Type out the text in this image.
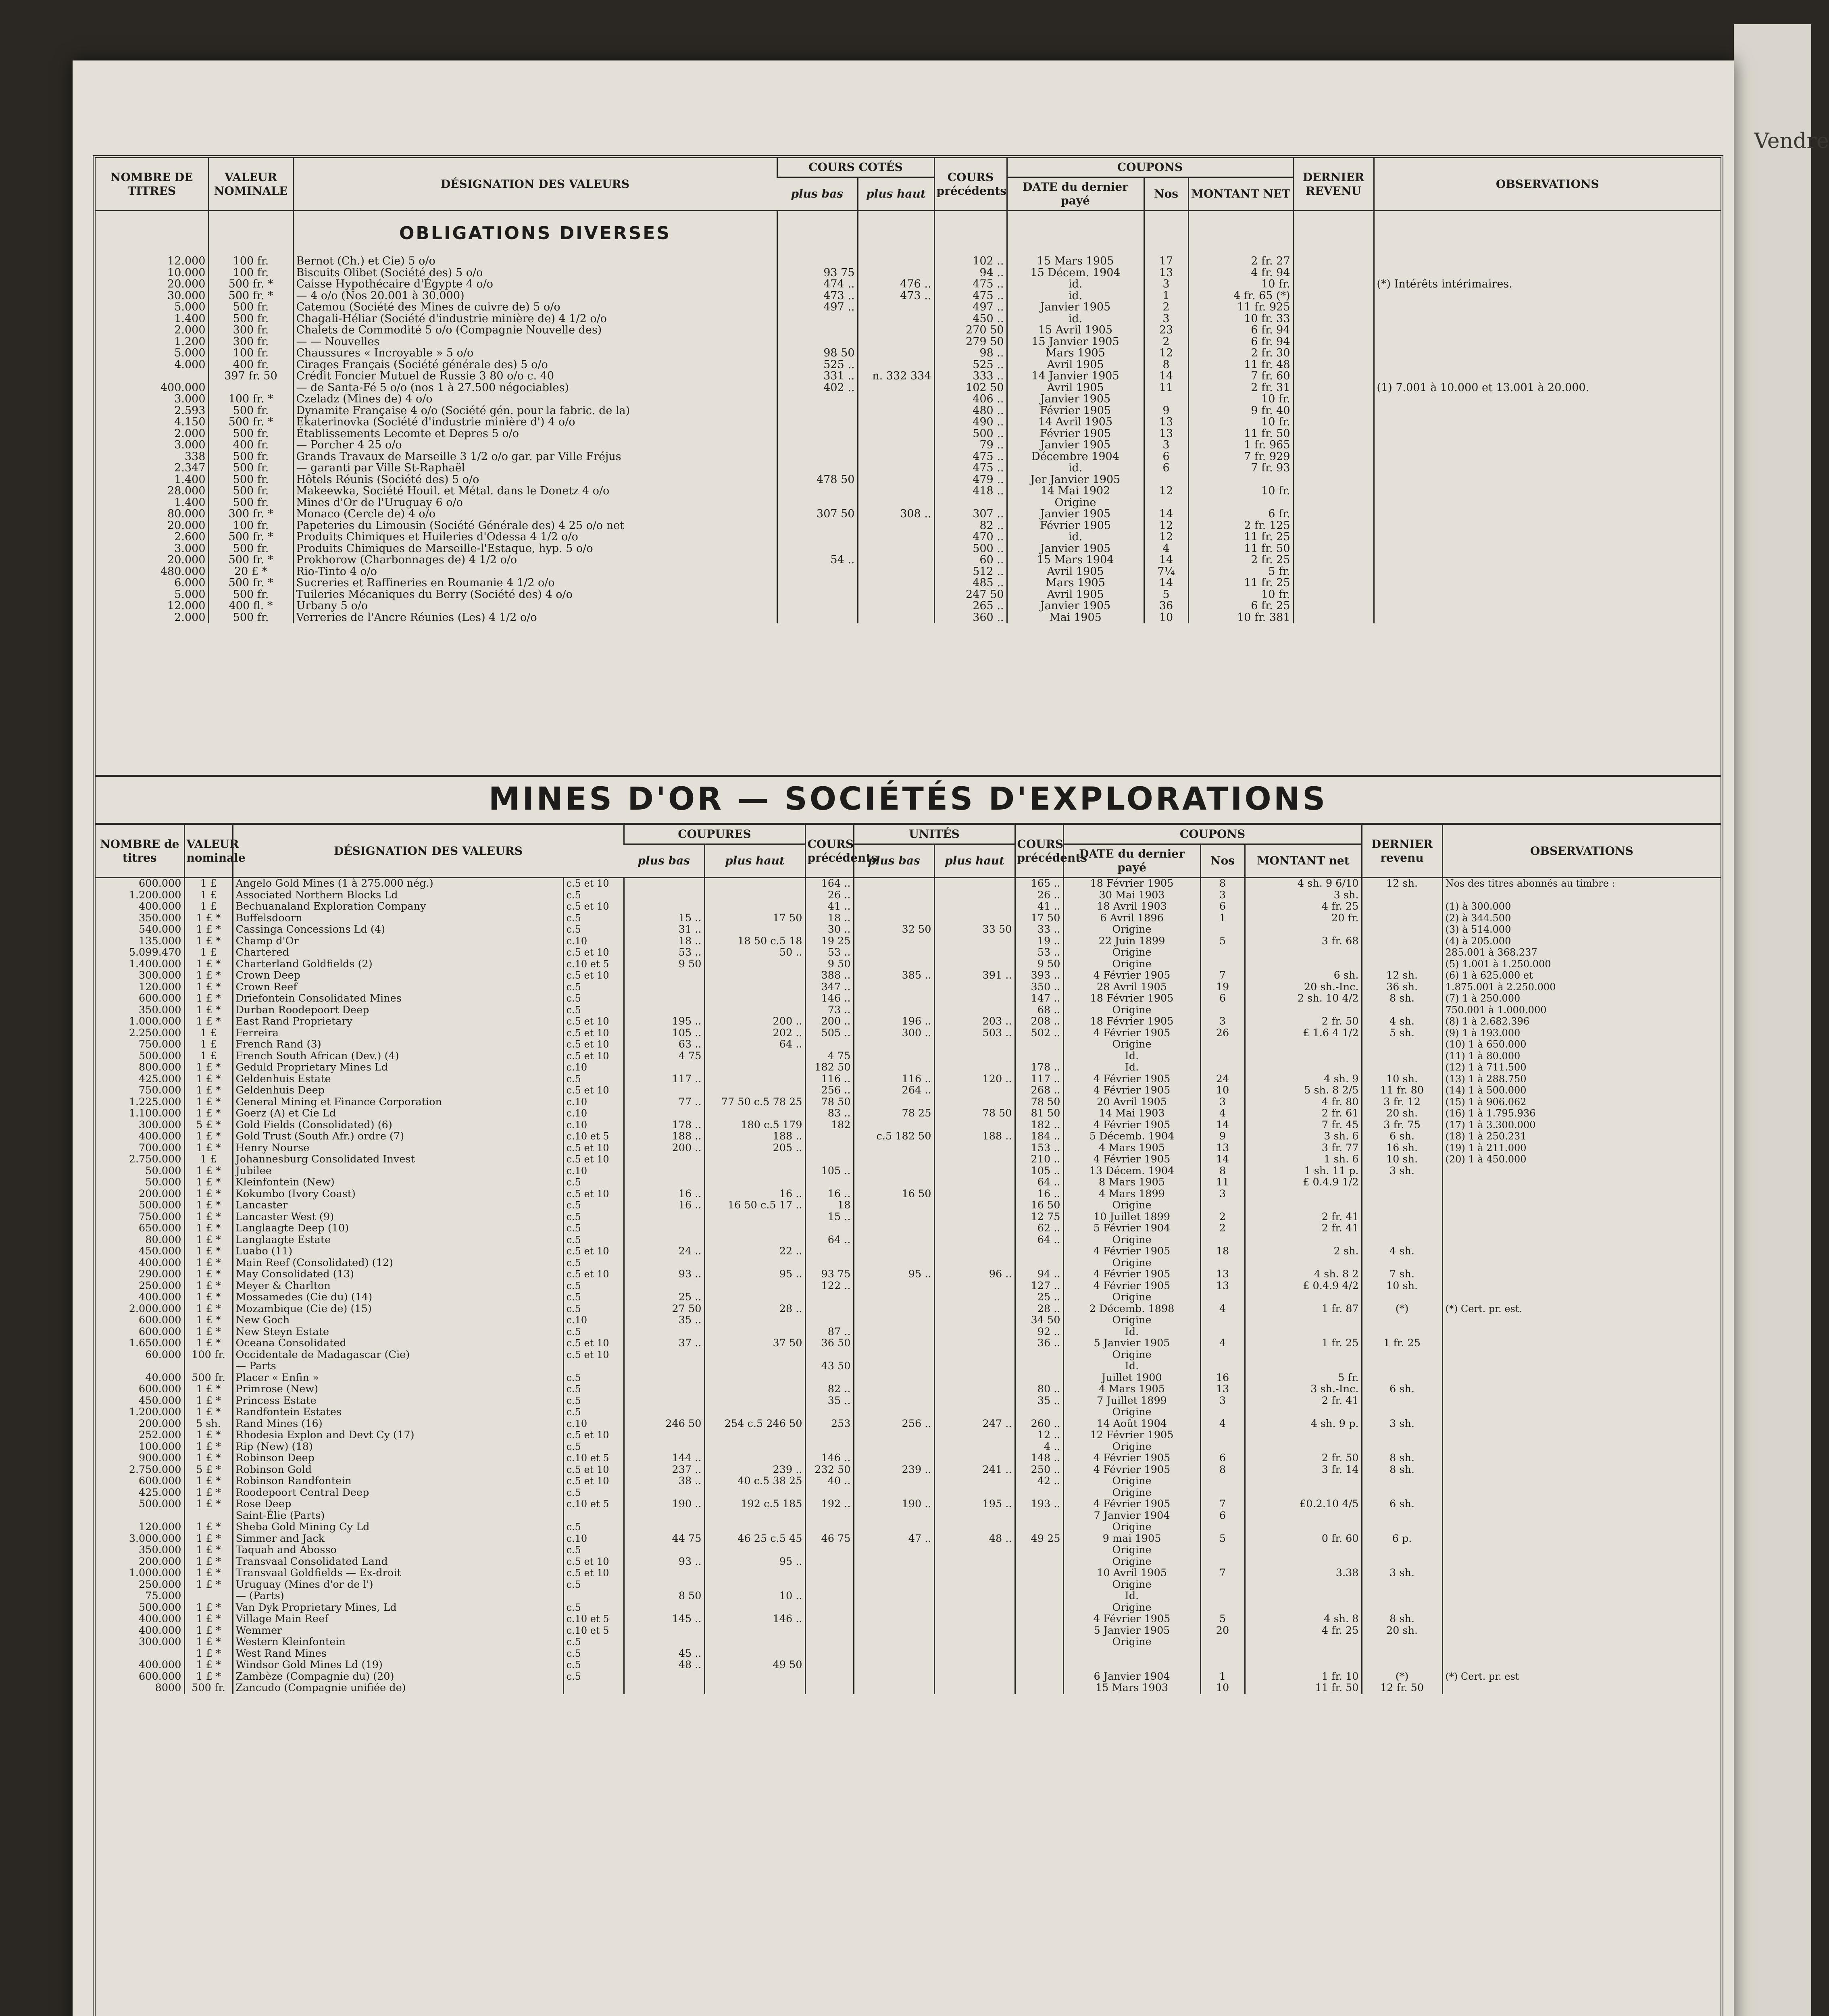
Vendre
NOMBRE DE TITRES	VALEUR NOMINALE	DÉSIGNATION DES VALEURS	COURS COTÉS		COURS précédents	COUPONS			DERNIER REVENU	OBSERVATIONS
			plus bas	plus haut		DATE du dernier payé	Nos	MONTANT NET		
		OBLIGATIONS DIVERSES								
12.000	100 fr.	Bernot (Ch.) et Cie) 5 o/o			102 ..	15 Mars 1905	17	2 fr. 27		
10.000	100 fr.	Biscuits Olibet (Société des) 5 o/o	93 75		94 ..	15 Décem. 1904	13	4 fr. 94		
20.000	500 fr. *	Caisse Hypothécaire d'Égypte 4 o/o	474 ..	476 ..	475 ..	id.	3	10 fr.		(*) Intérêts intérimaires.
30.000	500 fr. *	— 4 o/o (Nos 20.001 à 30.000)	473 ..	473 ..	475 ..	id.	1	4 fr. 65 (*)		
5.000	500 fr.	Catemou (Société des Mines de cuivre de) 5 o/o	497 ..		497 ..	Janvier 1905	2	11 fr. 925		
1.400	500 fr.	Chagali-Héliar (Société d'industrie minière de) 4 1/2 o/o			450 ..	id.	3	10 fr. 33		
2.000	300 fr.	Chalets de Commodité 5 o/o (Compagnie Nouvelle des)			270 50	15 Avril 1905	23	6 fr. 94		
1.200	300 fr.	— — Nouvelles			279 50	15 Janvier 1905	2	6 fr. 94		
5.000	100 fr.	Chaussures « Incroyable » 5 o/o	98 50		98 ..	Mars 1905	12	2 fr. 30		
4.000	400 fr.	Cirages Français (Société générale des) 5 o/o	525 ..		525 ..	Avril 1905	8	11 fr. 48		
	397 fr. 50	Crédit Foncier Mutuel de Russie 3 80 o/o c. 40	331 ..	n. 332 334	333 ..	14 Janvier 1905	14	7 fr. 60		
400.000		— de Santa-Fé 5 o/o (nos 1 à 27.500 négociables)	402 ..		102 50	Avril 1905	11	2 fr. 31		(1) 7.001 à 10.000 et 13.001 à 20.000.
3.000	100 fr. *	Czeladz (Mines de) 4 o/o			406 ..	Janvier 1905		10 fr.		
2.593	500 fr.	Dynamite Française 4 o/o (Société gén. pour la fabric. de la)			480 ..	Février 1905	9	9 fr. 40		
4.150	500 fr. *	Ekaterinovka (Société d'industrie minière d') 4 o/o			490 ..	14 Avril 1905	13	10 fr.		
2.000	500 fr.	Établissements Lecomte et Depres 5 o/o			500 ..	Février 1905	13	11 fr. 50		
3.000	400 fr.	— Porcher 4 25 o/o			79 ..	Janvier 1905	3	1 fr. 965		
338	500 fr.	Grands Travaux de Marseille 3 1/2 o/o gar. par Ville Fréjus			475 ..	Décembre 1904	6	7 fr. 929		
2.347	500 fr.	— garanti par Ville St-Raphaël			475 ..	id.	6	7 fr. 93		
1.400	500 fr.	Hôtels Réunis (Société des) 5 o/o	478 50		479 ..	Jer Janvier 1905				
28.000	500 fr.	Makeewka, Société Houil. et Métal. dans le Donetz 4 o/o			418 ..	14 Mai 1902	12	10 fr.		
1.400	500 fr.	Mines d'Or de l'Uruguay 6 o/o				Origine				
80.000	300 fr. *	Monaco (Cercle de) 4 o/o	307 50	308 ..	307 ..	Janvier 1905	14	6 fr.		
20.000	100 fr.	Papeteries du Limousin (Société Générale des) 4 25 o/o net			82 ..	Février 1905	12	2 fr. 125		
2.600	500 fr. *	Produits Chimiques et Huileries d'Odessa 4 1/2 o/o			470 ..	id.	12	11 fr. 25		
3.000	500 fr.	Produits Chimiques de Marseille-l'Estaque, hyp. 5 o/o			500 ..	Janvier 1905	4	11 fr. 50		
20.000	500 fr. *	Prokhorow (Charbonnages de) 4 1/2 o/o	54 ..		60 ..	15 Mars 1904	14	2 fr. 25		
480.000	20 £ *	Rio-Tinto 4 o/o			512 ..	Avril 1905	7¼	5 fr.		
6.000	500 fr. *	Sucreries et Raffineries en Roumanie 4 1/2 o/o			485 ..	Mars 1905	14	11 fr. 25		
5.000	500 fr.	Tuileries Mécaniques du Berry (Société des) 4 o/o			247 50	Avril 1905	5	10 fr.		
12.000	400 fl. *	Urbany 5 o/o			265 ..	Janvier 1905	36	6 fr. 25		
2.000	500 fr.	Verreries de l'Ancre Réunies (Les) 4 1/2 o/o			360 ..	Mai 1905	10	10 fr. 381		
MINES D'OR — SOCIÉTÉS D'EXPLORATIONS
NOMBRE de titres	VALEUR nominale	DÉSIGNATION DES VALEURS		COUPURES		COURS précédents	UNITÉS		COURS précédents	COUPONS			DERNIER revenu	OBSERVATIONS
				plus bas	plus haut		plus bas	plus haut		DATE du dernier payé	Nos	MONTANT net		
600.000	1 £	Angelo Gold Mines (1 à 275.000 nég.)	c.5 et 10			164 ..			165 ..	18 Février 1905	8	4 sh. 9 6/10	12 sh.	Nos des titres abonnés au timbre :
1.200.000	1 £	Associated Northern Blocks Ld	c.5			26 ..			26 ..	30 Mai 1903	3	3 sh.		
400.000	1 £	Bechuanaland Exploration Company	c.5 et 10			41 ..			41 ..	18 Avril 1903	6	4 fr. 25		(1) à 300.000
350.000	1 £ *	Buffelsdoorn	c.5	15 ..	17 50	18 ..			17 50	6 Avril 1896	1	20 fr.		(2) à 344.500
540.000	1 £ *	Cassinga Concessions Ld (4)	c.5	31 ..		30 ..	32 50	33 50	33 ..	Origine				(3) à 514.000
135.000	1 £ *	Champ d'Or	c.10	18 ..	18 50 c.5 18	19 25			19 ..	22 Juin 1899	5	3 fr. 68		(4) à 205.000
5.099.470	1 £	Chartered	c.5 et 10	53 ..	50 ..	53 ..			53 ..	Origine				285.001 à 368.237
1.400.000	1 £ *	Charterland Goldfields (2)	c.10 et 5	9 50		9 50			9 50	Origine				(5) 1.001 à 1.250.000
300.000	1 £ *	Crown Deep	c.5 et 10			388 ..	385 ..	391 ..	393 ..	4 Février 1905	7	6 sh.	12 sh.	(6) 1 à 625.000 et
120.000	1 £ *	Crown Reef	c.5			347 ..			350 ..	28 Avril 1905	19	20 sh.-Inc.	36 sh.	1.875.001 à 2.250.000
600.000	1 £ *	Driefontein Consolidated Mines	c.5			146 ..			147 ..	18 Février 1905	6	2 sh. 10 4/2	8 sh.	(7) 1 à 250.000
350.000	1 £ *	Durban Roodepoort Deep	c.5			73 ..			68 ..	Origine				750.001 à 1.000.000
1.000.000	1 £ *	East Rand Proprietary	c.5 et 10	195 ..	200 ..	200 ..	196 ..	203 ..	208 ..	18 Février 1905	3	2 fr. 50	4 sh.	(8) 1 à 2.682.396
2.250.000	1 £	Ferreira	c.5 et 10	105 ..	202 ..	505 ..	300 ..	503 ..	502 ..	4 Février 1905	26	£ 1.6 4 1/2	5 sh.	(9) 1 à 193.000
750.000	1 £	French Rand (3)	c.5 et 10	63 ..	64 ..					Origine				(10) 1 à 650.000
500.000	1 £	French South African (Dev.) (4)	c.5 et 10	4 75		4 75				Id.				(11) 1 à 80.000
800.000	1 £ *	Geduld Proprietary Mines Ld	c.10			182 50			178 ..	Id.				(12) 1 à 711.500
425.000	1 £ *	Geldenhuis Estate	c.5	117 ..		116 ..	116 ..	120 ..	117 ..	4 Février 1905	24	4 sh. 9	10 sh.	(13) 1 à 288.750
750.000	1 £ *	Geldenhuis Deep	c.5 et 10			256 ..	264 ..		268 ..	4 Février 1905	10	5 sh. 8 2/5	11 fr. 80	(14) 1 à 500.000
1.225.000	1 £ *	General Mining et Finance Corporation	c.10	77 ..	77 50 c.5 78 25	78 50			78 50	20 Avril 1905	3	4 fr. 80	3 fr. 12	(15) 1 à 906.062
1.100.000	1 £ *	Goerz (A) et Cie Ld	c.10			83 ..	78 25	78 50	81 50	14 Mai 1903	4	2 fr. 61	20 sh.	(16) 1 à 1.795.936
300.000	5 £ *	Gold Fields (Consolidated) (6)	c.10	178 ..	180 c.5 179	182			182 ..	4 Février 1905	14	7 fr. 45	3 fr. 75	(17) 1 à 3.300.000
400.000	1 £ *	Gold Trust (South Afr.) ordre (7)	c.10 et 5	188 ..	188 ..		c.5 182 50	188 ..	184 ..	5 Décemb. 1904	9	3 sh. 6	6 sh.	(18) 1 à 250.231
700.000	1 £ *	Henry Nourse	c.5 et 10	200 ..	205 ..				153 ..	4 Mars 1905	13	3 fr. 77	16 sh.	(19) 1 à 211.000
2.750.000	1 £	Johannesburg Consolidated Invest	c.5 et 10						210 ..	4 Février 1905	14	1 sh. 6	10 sh.	(20) 1 à 450.000
50.000	1 £ *	Jubilee	c.10			105 ..			105 ..	13 Décem. 1904	8	1 sh. 11 p.	3 sh.	
50.000	1 £ *	Kleinfontein (New)	c.5						64 ..	8 Mars 1905	11	£ 0.4.9 1/2		
200.000	1 £ *	Kokumbo (Ivory Coast)	c.5 et 10	16 ..	16 ..	16 ..	16 50		16 ..	4 Mars 1899	3			
500.000	1 £ *	Lancaster	c.5	16 ..	16 50 c.5 17 ..	18			16 50	Origine				
750.000	1 £ *	Lancaster West (9)	c.5			15 ..			12 75	10 Juillet 1899	2	2 fr. 41		
650.000	1 £ *	Langlaagte Deep (10)	c.5						62 ..	5 Février 1904	2	2 fr. 41		
80.000	1 £ *	Langlaagte Estate	c.5			64 ..			64 ..	Origine				
450.000	1 £ *	Luabo (11)	c.5 et 10	24 ..	22 ..					4 Février 1905	18	2 sh.	4 sh.	
400.000	1 £ *	Main Reef (Consolidated) (12)	c.5							Origine				
290.000	1 £ *	May Consolidated (13)	c.5 et 10	93 ..	95 ..	93 75	95 ..	96 ..	94 ..	4 Février 1905	13	4 sh. 8 2	7 sh.	
250.000	1 £ *	Meyer & Charlton	c.5			122 ..			127 ..	4 Février 1905	13	£ 0.4.9 4/2	10 sh.	
400.000	1 £ *	Mossamedes (Cie du) (14)	c.5	25 ..					25 ..	Origine				
2.000.000	1 £ *	Mozambique (Cie de) (15)	c.5	27 50	28 ..				28 ..	2 Décemb. 1898	4	1 fr. 87	(*)	(*) Cert. pr. est.
600.000	1 £ *	New Goch	c.10	35 ..					34 50	Origine				
600.000	1 £ *	New Steyn Estate	c.5			87 ..			92 ..	Id.				
1.650.000	1 £ *	Oceana Consolidated	c.5 et 10	37 ..	37 50	36 50			36 ..	5 Janvier 1905	4	1 fr. 25	1 fr. 25	
60.000	100 fr.	Occidentale de Madagascar (Cie)	c.5 et 10							Origine				
		— Parts				43 50				Id.				
40.000	500 fr.	Placer « Enfin »	c.5							Juillet 1900	16	5 fr.		
600.000	1 £ *	Primrose (New)	c.5			82 ..			80 ..	4 Mars 1905	13	3 sh.-Inc.	6 sh.	
450.000	1 £ *	Princess Estate	c.5			35 ..			35 ..	7 Juillet 1899	3	2 fr. 41		
1.200.000	1 £ *	Randfontein Estates	c.5							Origine				
200.000	5 sh.	Rand Mines (16)	c.10	246 50	254 c.5 246 50	253	256 ..	247 ..	260 ..	14 Août 1904	4	4 sh. 9 p.	3 sh.	
252.000	1 £ *	Rhodesia Explon and Devt Cy (17)	c.5 et 10						12 ..	12 Février 1905				
100.000	1 £ *	Rip (New) (18)	c.5						4 ..	Origine				
900.000	1 £ *	Robinson Deep	c.10 et 5	144 ..		146 ..			148 ..	4 Février 1905	6	2 fr. 50	8 sh.	
2.750.000	5 £ *	Robinson Gold	c.5 et 10	237 ..	239 ..	232 50	239 ..	241 ..	250 ..	4 Février 1905	8	3 fr. 14	8 sh.	
600.000	1 £ *	Robinson Randfontein	c.5 et 10	38 ..	40 c.5 38 25	40 ..			42 ..	Origine				
425.000	1 £ *	Roodepoort Central Deep	c.5							Origine				
500.000	1 £ *	Rose Deep	c.10 et 5	190 ..	192 c.5 185	192 ..	190 ..	195 ..	193 ..	4 Février 1905	7	£0.2.10 4/5	6 sh.	
		Saint-Élie (Parts)								7 Janvier 1904	6			
120.000	1 £ *	Sheba Gold Mining Cy Ld	c.5							Origine				
3.000.000	1 £ *	Simmer and Jack	c.10	44 75	46 25 c.5 45	46 75	47 ..	48 ..	49 25	9 mai 1905	5	0 fr. 60	6 p.	
350.000	1 £ *	Taquah and Abosso	c.5							Origine				
200.000	1 £ *	Transvaal Consolidated Land	c.5 et 10	93 ..	95 ..					Origine				
1.000.000	1 £ *	Transvaal Goldfields — Ex-droit	c.5 et 10							10 Avril 1905	7	3.38	3 sh.	
250.000	1 £ *	Uruguay (Mines d'or de l')	c.5							Origine				
75.000		— (Parts)		8 50	10 ..					Id.				
500.000	1 £ *	Van Dyk Proprietary Mines, Ld	c.5							Origine				
400.000	1 £ *	Village Main Reef	c.10 et 5	145 ..	146 ..					4 Février 1905	5	4 sh. 8	8 sh.	
400.000	1 £ *	Wemmer	c.10 et 5							5 Janvier 1905	20	4 fr. 25	20 sh.	
300.000	1 £ *	Western Kleinfontein	c.5							Origine				
	1 £ *	West Rand Mines	c.5	45 ..										
400.000	1 £ *	Windsor Gold Mines Ld (19)	c.5	48 ..	49 50									
600.000	1 £ *	Zambèze (Compagnie du) (20)	c.5							6 Janvier 1904	1	1 fr. 10	(*)	(*) Cert. pr. est
8000	500 fr.	Zancudo (Compagnie unifiée de)								15 Mars 1903	10	11 fr. 50	12 fr. 50	
